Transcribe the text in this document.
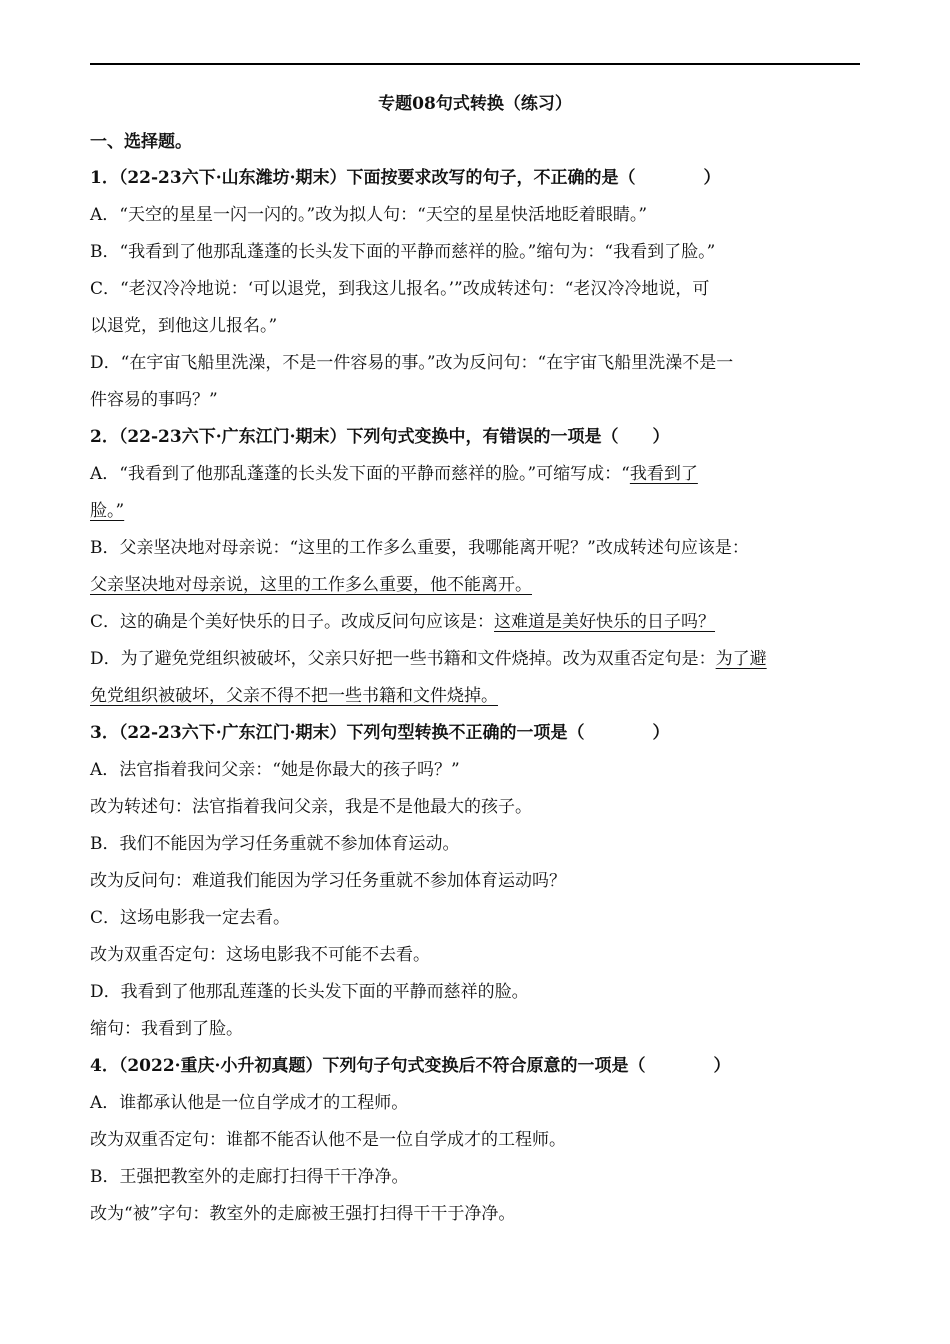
专题08句式转换（练习）
一、选择题。
1．（22-23六下·山东潍坊·期末）下面按要求改写的句子，不正确的是（　　　　）
A．“天空的星星一闪一闪的。”改为拟人句：“天空的星星快活地眨着眼睛。”
B．“我看到了他那乱蓬蓬的长头发下面的平静而慈祥的脸。”缩句为：“我看到了脸。”
C．“老汉冷冷地说：‘可以退党，到我这儿报名。’”改成转述句：“老汉冷冷地说，可
以退党，到他这儿报名。”
D．“在宇宙飞船里洗澡，不是一件容易的事。”改为反问句：“在宇宙飞船里洗澡不是一
件容易的事吗？”
2．（22-23六下·广东江门·期末）下列句式变换中，有错误的一项是（　　）
A．“我看到了他那乱蓬蓬的长头发下面的平静而慈祥的脸。”可缩写成：“我看到了
脸。”
B．父亲坚决地对母亲说：“这里的工作多么重要，我哪能离开呢？”改成转述句应该是：
父亲坚决地对母亲说，这里的工作多么重要，他不能离开。
C．这的确是个美好快乐的日子。改成反问句应该是：这难道是美好快乐的日子吗？
D．为了避免党组织被破坏，父亲只好把一些书籍和文件烧掉。改为双重否定句是：为了避
免党组织被破坏，父亲不得不把一些书籍和文件烧掉。
3．（22-23六下·广东江门·期末）下列句型转换不正确的一项是（　　　　）
A．法官指着我问父亲：“她是你最大的孩子吗？”
改为转述句：法官指着我问父亲，我是不是他最大的孩子。
B．我们不能因为学习任务重就不参加体育运动。
改为反问句：难道我们能因为学习任务重就不参加体育运动吗？
C．这场电影我一定去看。
改为双重否定句：这场电影我不可能不去看。
D．我看到了他那乱莲蓬的长头发下面的平静而慈祥的脸。
缩句：我看到了脸。
4．（2022·重庆·小升初真题）下列句子句式变换后不符合原意的一项是（　　　　）
A．谁都承认他是一位自学成才的工程师。
改为双重否定句：谁都不能否认他不是一位自学成才的工程师。
B．王强把教室外的走廊打扫得干干净净。
改为“被”字句：教室外的走廊被王强打扫得干干于净净。
